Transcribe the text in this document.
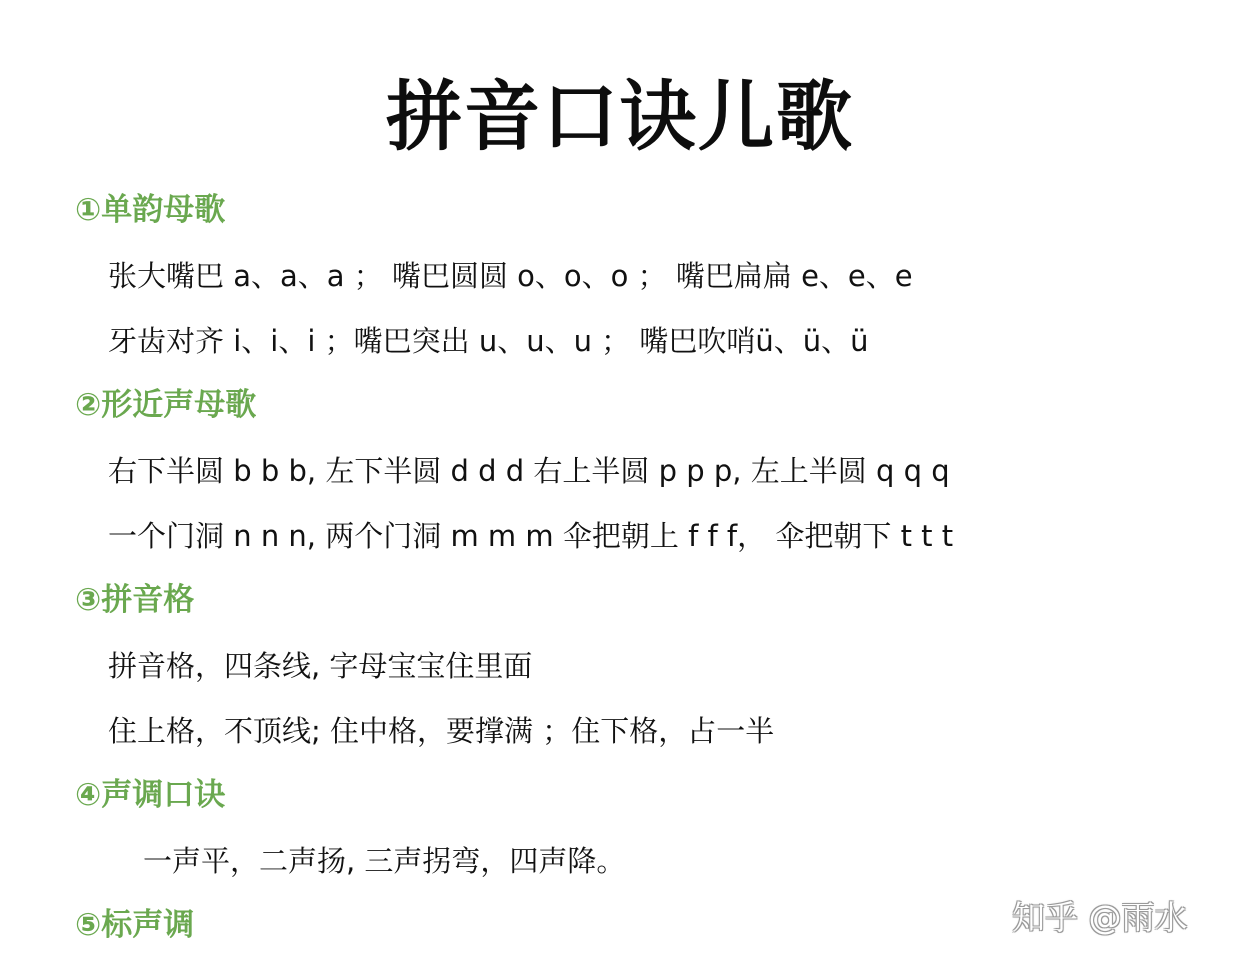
拼音口诀儿歌
①单韵母歌
张大嘴巴 a、a、a ； 嘴巴圆圆 o、o、o ； 嘴巴扁扁 e、e、e
牙齿对齐 i、i、i ；嘴巴突出 u、u、u ； 嘴巴吹哨ü、ü、ü
②形近声母歌
右下半圆 b b b, 左下半圆 d d d 右上半圆 p p p, 左上半圆 q q q
一个门洞 n n n, 两个门洞 m m m 伞把朝上 f f f， 伞把朝下 t t t
③拼音格
拼音格，四条线, 字母宝宝住里面
住上格，不顶线; 住中格，要撑满 ；住下格，占一半
④声调口诀
一声平，二声扬, 三声拐弯，四声降。
⑤标声调	知乎 @雨水
